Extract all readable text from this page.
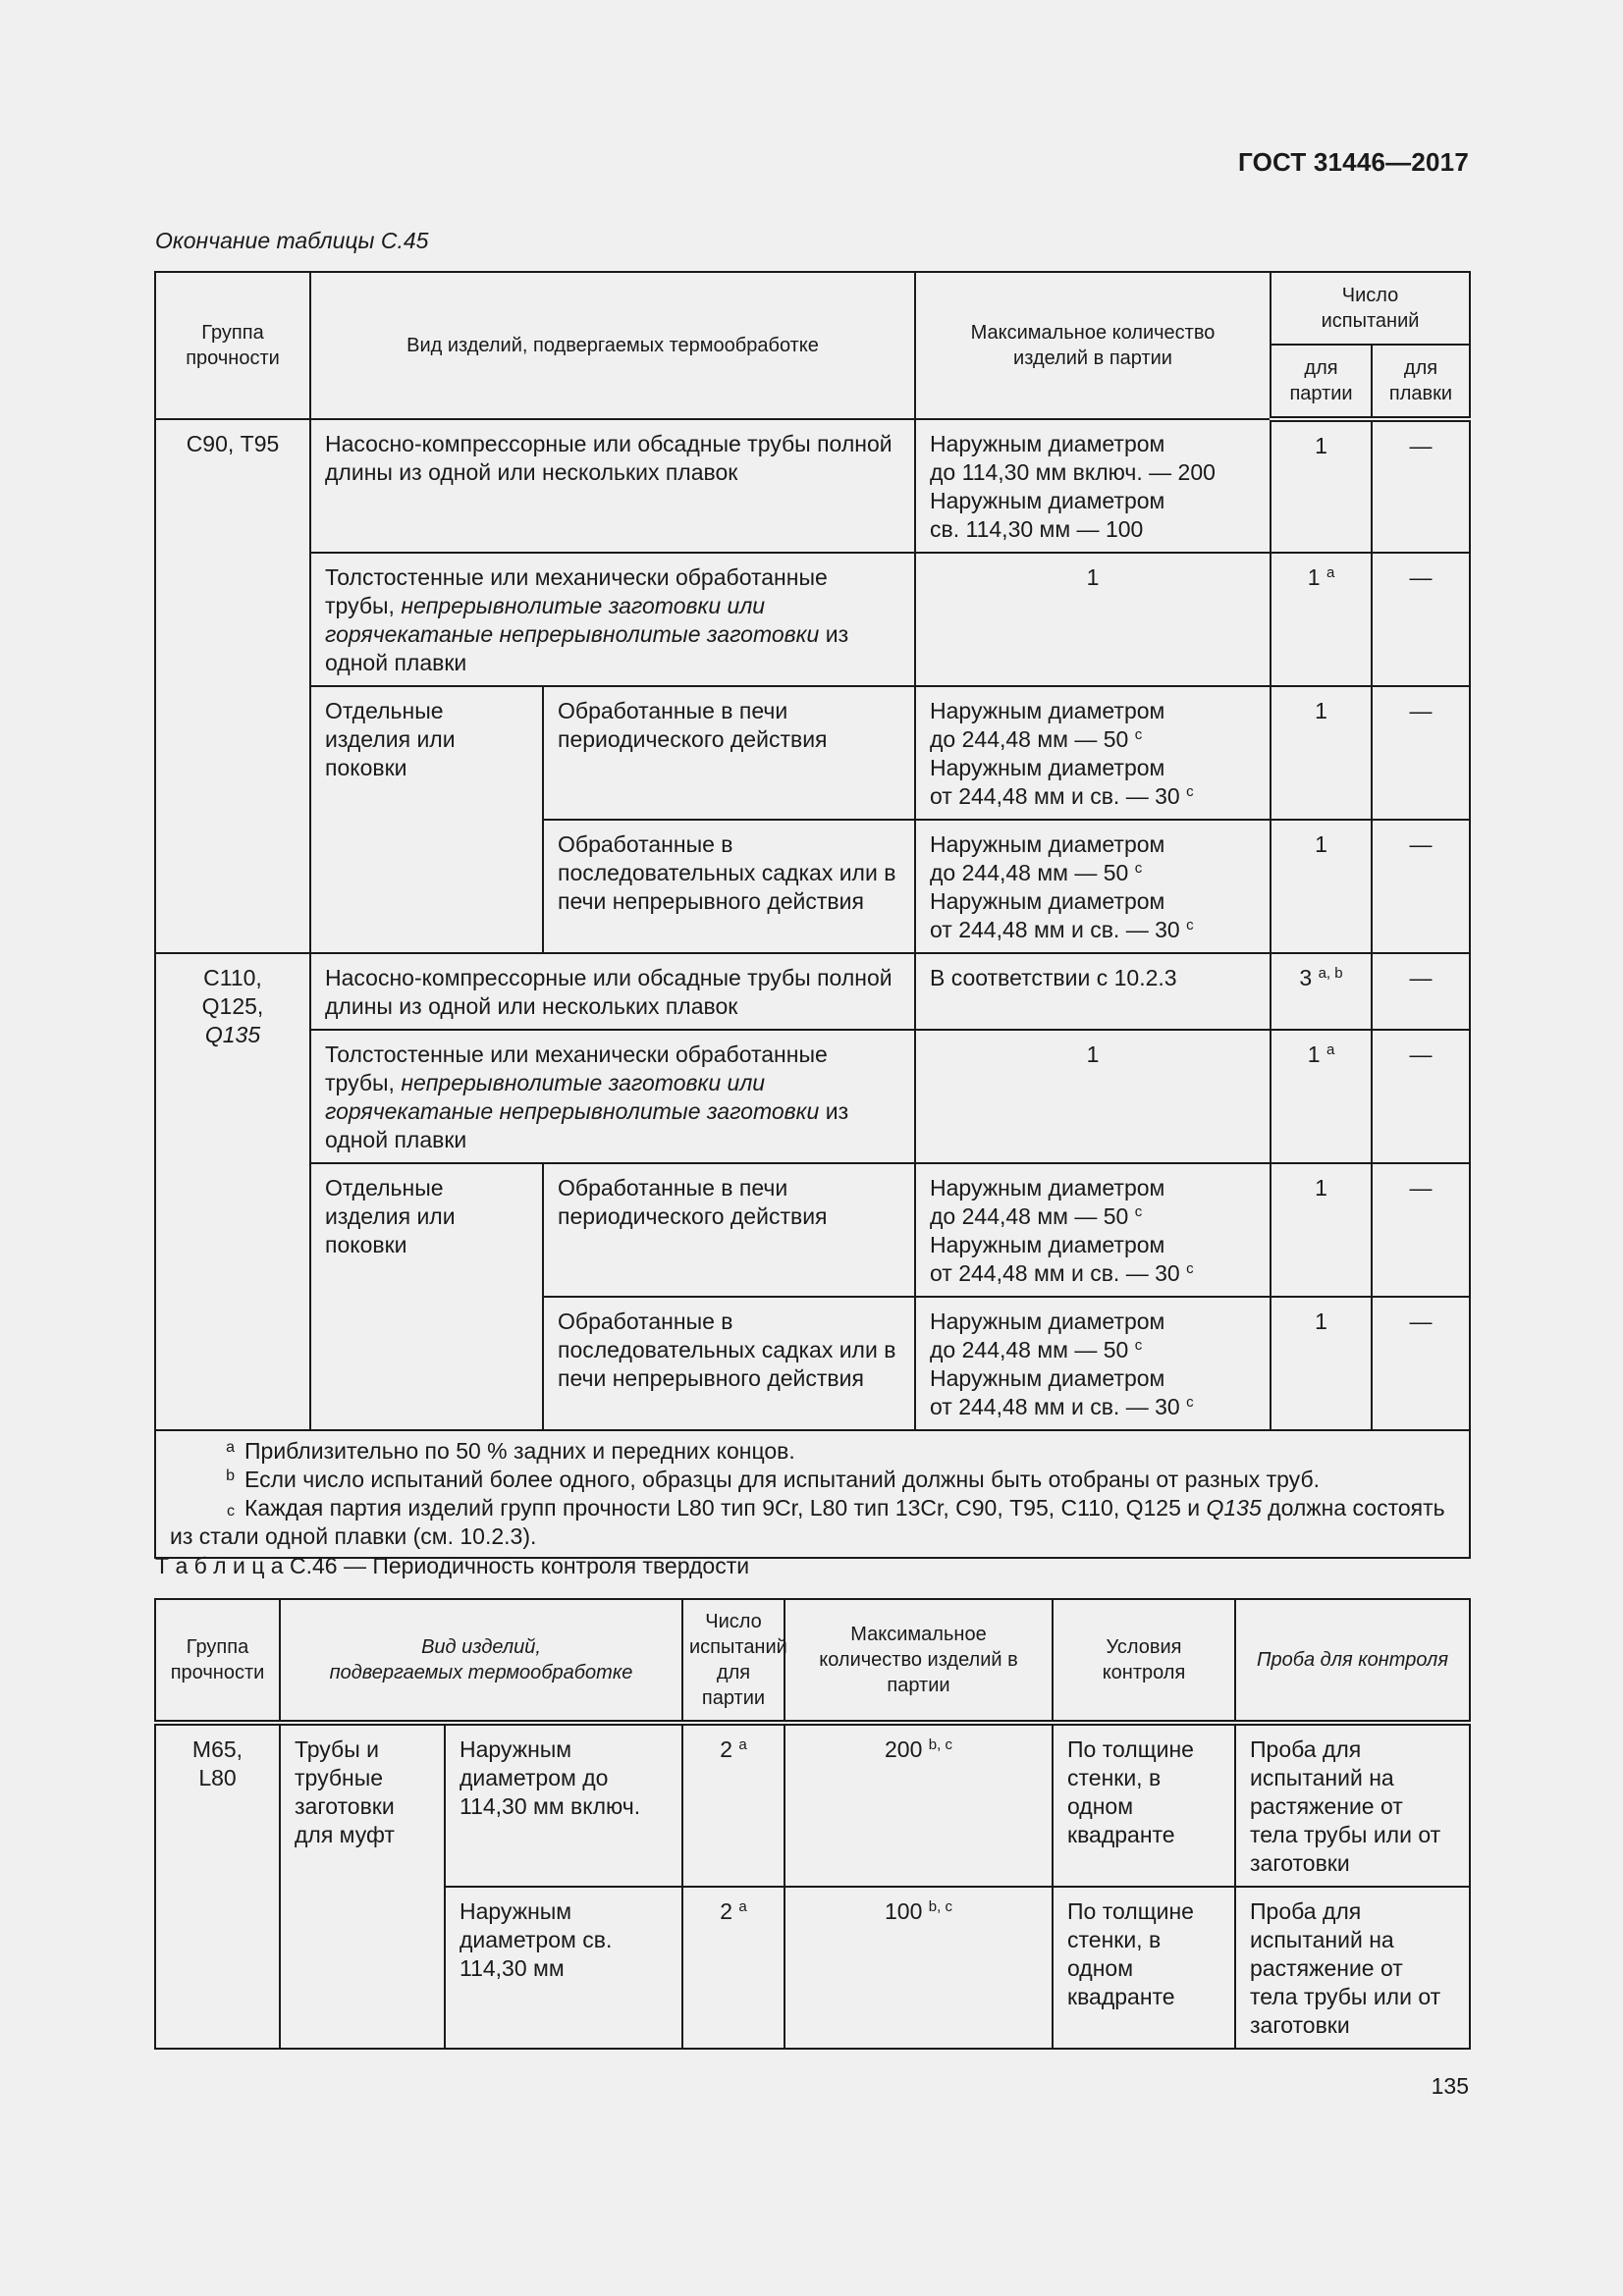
ГОСТ 31446—2017
Окончание таблицы С.45
Группа прочности	Вид изделий, подвергаемых термообработке		Максимальное количество изделий в партии	Число испытаний	
				для партии	для плавки
С90, Т95	Насосно-компрессорные или обсадные трубы полной длины из одной или нескольких плавок		Наружным диаметром
до 114,30 мм включ. — 200
Наружным диаметром
св. 114,30 мм — 100	1	—
	Толстостенные или механически обработанные трубы, непрерывнолитые заготовки или горячекатаные непрерывнолитые заготовки из одной плавки		1	1 $^a$	—
	Отдельные изделия или поковки	Обработанные в печи периодического действия	Наружным диаметром
до 244,48 мм — 50 $^c$
Наружным диаметром
от 244,48 мм и св. — 30 $^c$	1	—
		Обработанные в последовательных садках или в печи непрерывного действия	Наружным диаметром
до 244,48 мм — 50 $^c$
Наружным диаметром
от 244,48 мм и св. — 30 $^c$	1	—

С110,
Q125,
Q135	Насосно-компрессорные или обсадные трубы полной длины из одной или нескольких плавок		В соответствии с 10.2.3	3 $^{a, b}$	—
	Толстостенные или механически обработанные трубы, непрерывнолитые заготовки или горячекатаные непрерывнолитые заготовки из одной плавки		1	1 $^a$	—
	Отдельные изделия или поковки	Обработанные в печи периодического действия	Наружным диаметром
до 244,48 мм — 50 $^c$
Наружным диаметром
от 244,48 мм и св. — 30 $^c$	1	—
		Обработанные в последовательных садках или в печи непрерывного действия	Наружным диаметром
до 244,48 мм — 50 $^c$
Наружным диаметром
от 244,48 мм и св. — 30 $^c$	1	—

a Приблизительно по 50 % задних и передних концов.
b Если число испытаний более одного, образцы для испытаний должны быть отобраны от разных труб.
c Каждая партия изделий групп прочности L80 тип 9Cr, L80 тип 13Cr, С90, Т95, С110, Q125 и Q135 должна состоять из стали одной плавки (см. 10.2.3).					
Т а б л и ц а С.46 — Периодичность контроля твердости
Группа прочности	Вид изделий,
подвергаемых термообработке		Число испытаний для партии	Максимальное количество изделий в партии	Условия контроля	Проба для контроля

М65,
L80	Трубы и трубные заготовки для муфт	Наружным диаметром до 114,30 мм включ.	2 $^a$	200 $^{b, c}$	По толщине стенки, в одном квадранте	Проба для испытаний на растяжение от тела трубы или от заготовки
		Наружным диаметром св. 114,30 мм	2 $^a$	100 $^{b, c}$	По толщине стенки, в одном квадранте	Проба для испытаний на растяжение от тела трубы или от заготовки
135
